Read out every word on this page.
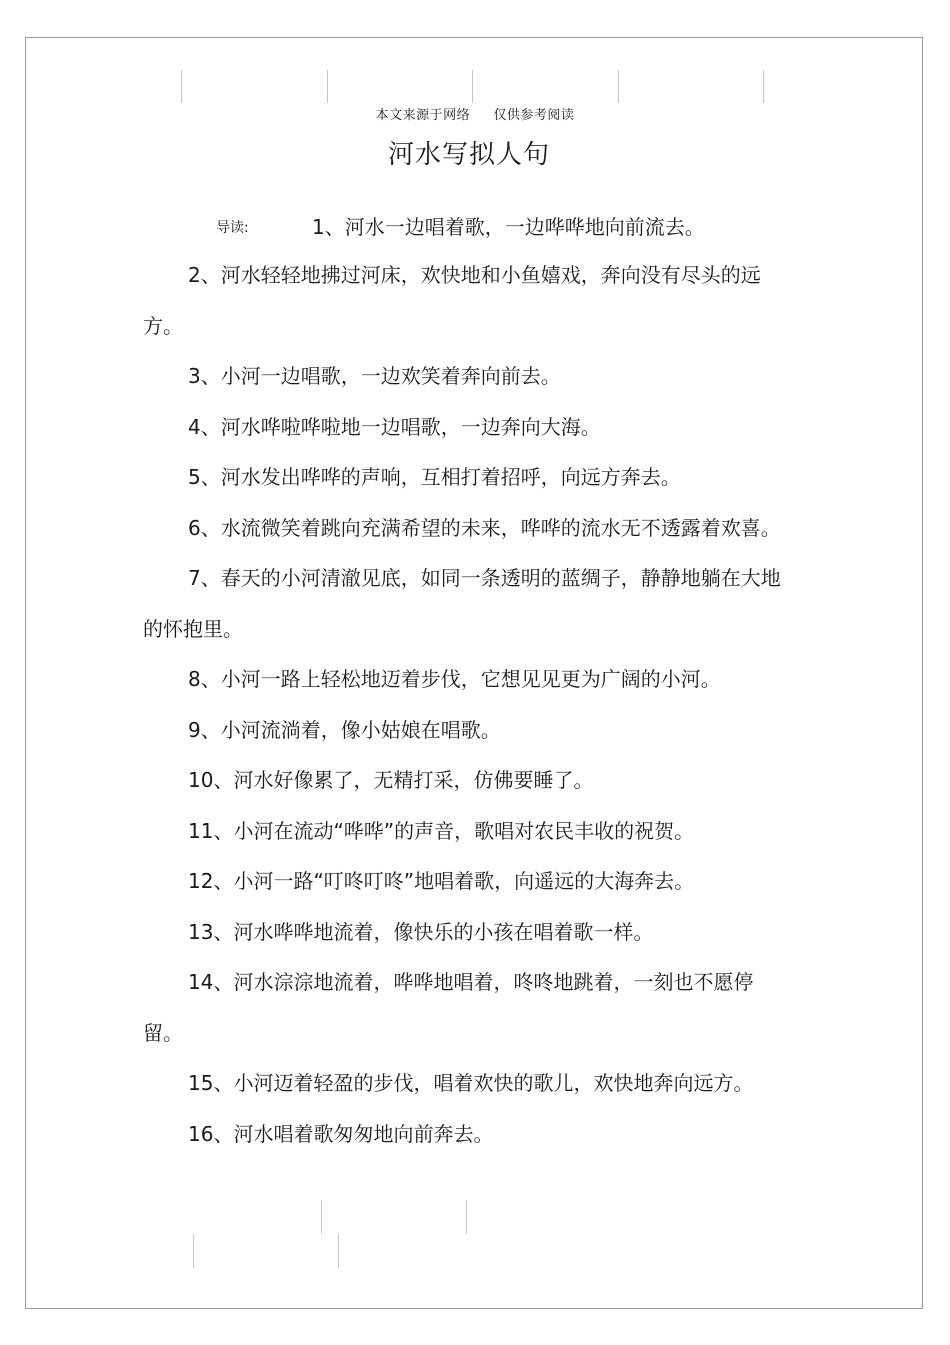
本文来源于网络     仅供参考阅读
河水写拟人句
导读:	1、河水一边唱着歌，一边哗哗地向前流去。

2、河水轻轻地拂过河床，欢快地和小鱼嬉戏，奔向没有尽头的远方。

3、小河一边唱歌，一边欢笑着奔向前去。

4、河水哗啦哗啦地一边唱歌，一边奔向大海。

5、河水发出哗哗的声响，互相打着招呼，向远方奔去。

6、水流微笑着跳向充满希望的未来，哗哗的流水无不透露着欢喜。

7、春天的小河清澈见底，如同一条透明的蓝绸子，静静地躺在大地的怀抱里。

8、小河一路上轻松地迈着步伐，它想见见更为广阔的小河。

9、小河流淌着，像小姑娘在唱歌。

10、河水好像累了，无精打采，仿佛要睡了。

11、小河在流动“哗哗”的声音，歌唱对农民丰收的祝贺。

12、小河一路“叮咚叮咚”地唱着歌，向遥远的大海奔去。

13、河水哗哗地流着，像快乐的小孩在唱着歌一样。

14、河水淙淙地流着，哗哗地唱着，咚咚地跳着，一刻也不愿停留。

15、小河迈着轻盈的步伐，唱着欢快的歌儿，欢快地奔向远方。

16、河水唱着歌匆匆地向前奔去。
